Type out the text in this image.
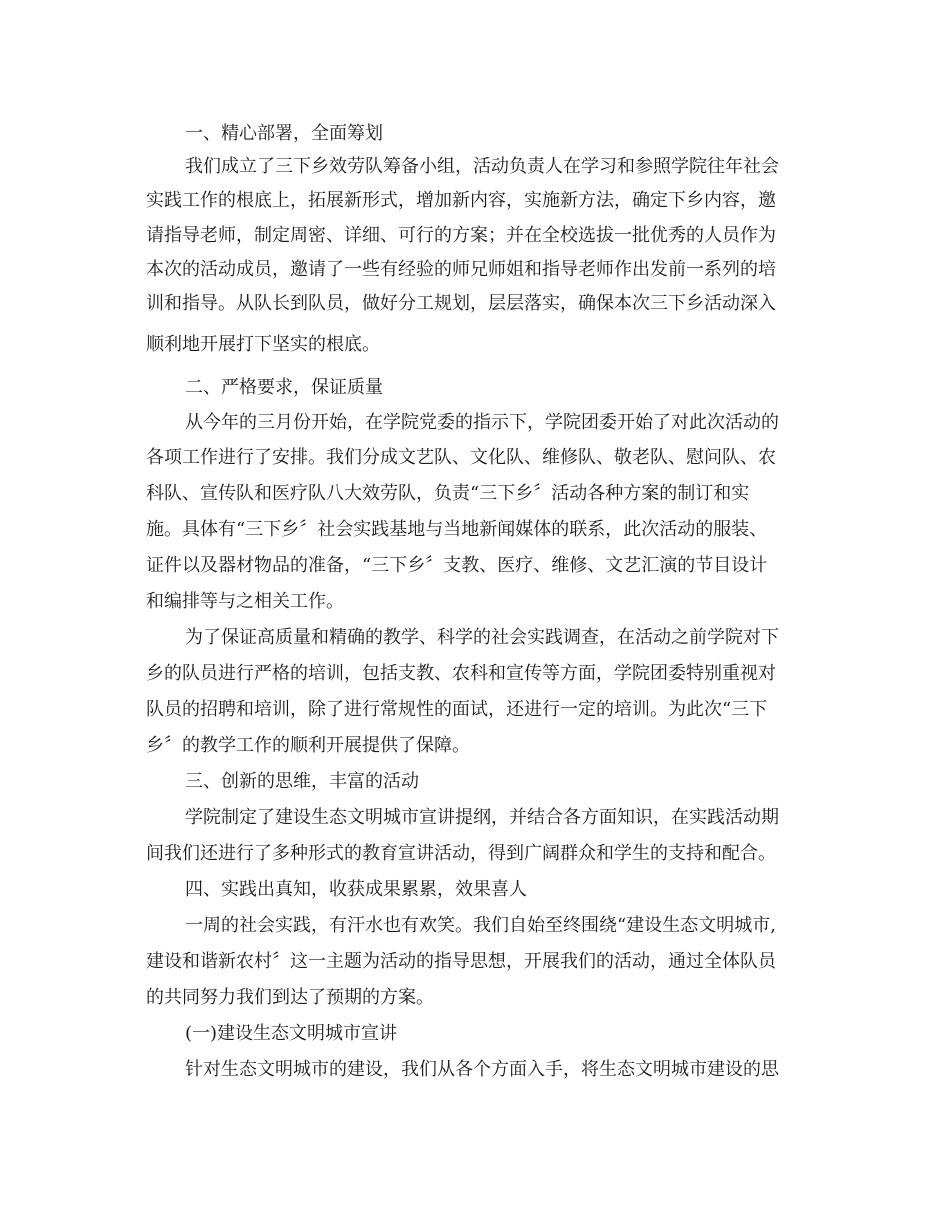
一、精心部署，全面筹划
我们成立了三下乡效劳队筹备小组，活动负责人在学习和参照学院往年社会
实践工作的根底上，拓展新形式，增加新内容，实施新方法，确定下乡内容，邀
请指导老师，制定周密、详细、可行的方案；并在全校选拔一批优秀的人员作为
本次的活动成员，邀请了一些有经验的师兄师姐和指导老师作出发前一系列的培
训和指导。从队长到队员，做好分工规划，层层落实，确保本次三下乡活动深入
顺利地开展打下坚实的根底。
二、严格要求，保证质量
从今年的三月份开始，在学院党委的指示下，学院团委开始了对此次活动的
各项工作进行了安排。我们分成文艺队、文化队、维修队、敬老队、慰问队、农
科队、宣传队和医疗队八大效劳队，负责“三下乡〞活动各种方案的制订和实
施。具体有“三下乡〞社会实践基地与当地新闻媒体的联系，此次活动的服装、
证件以及器材物品的准备，“三下乡〞支教、医疗、维修、文艺汇演的节目设计
和编排等与之相关工作。
为了保证高质量和精确的教学、科学的社会实践调查，在活动之前学院对下
乡的队员进行严格的培训，包括支教、农科和宣传等方面，学院团委特别重视对
队员的招聘和培训，除了进行常规性的面试，还进行一定的培训。为此次“三下
乡〞的教学工作的顺利开展提供了保障。
三、创新的思维，丰富的活动
学院制定了建设生态文明城市宣讲提纲，并结合各方面知识，在实践活动期
间我们还进行了多种形式的教育宣讲活动，得到广阔群众和学生的支持和配合。
四、实践出真知，收获成果累累，效果喜人
一周的社会实践，有汗水也有欢笑。我们自始至终围绕“建设生态文明城市,
建设和谐新农村〞这一主题为活动的指导思想，开展我们的活动，通过全体队员
的共同努力我们到达了预期的方案。
(一)建设生态文明城市宣讲
针对生态文明城市的建设，我们从各个方面入手，将生态文明城市建设的思
